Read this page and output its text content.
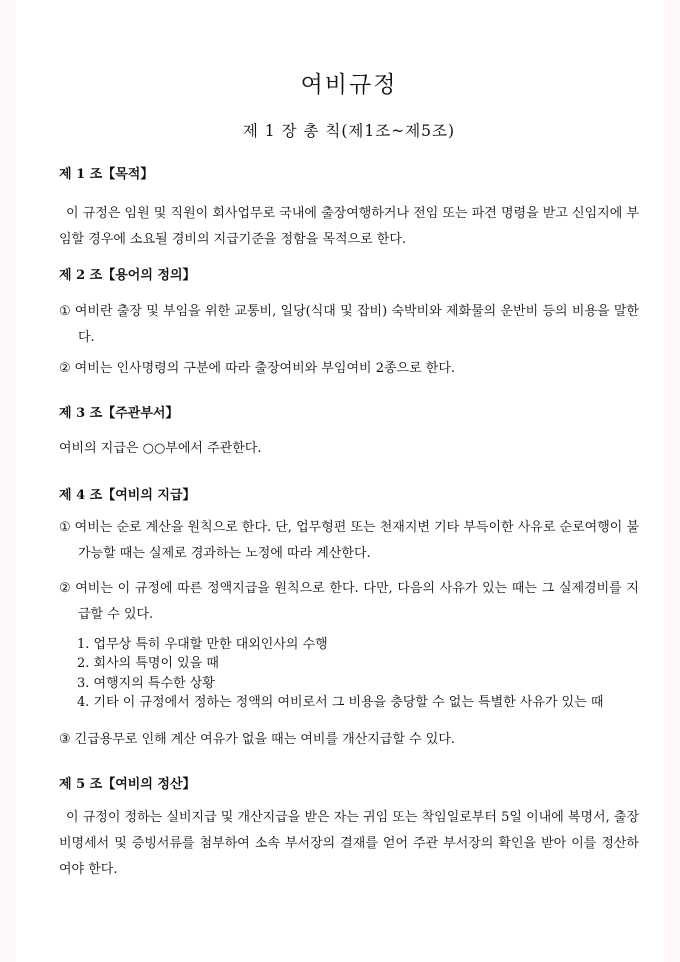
여비규정
제 1 장 총 칙(제1조~제5조)
제 1 조【목적】
이 규정은 임원 및 직원이 회사업무로 국내에 출장여행하거나 전임 또는 파견 명령을 받고 신임지에 부임할 경우에 소요될 경비의 지급기준을 정함을 목적으로 한다.
제 2 조【용어의 정의】
① 여비란 출장 및 부임을 위한 교통비, 일당(식대 및 잡비) 숙박비와 제화물의 운반비 등의 비용을 말한다.
② 여비는 인사명령의 구분에 따라 출장여비와 부임여비 2종으로 한다.
제 3 조【주관부서】
여비의 지급은 ○○부에서 주관한다.
제 4 조【여비의 지급】
① 여비는 순로 계산을 원칙으로 한다. 단, 업무형편 또는 천재지변 기타 부득이한 사유로 순로여행이 불가능할 때는 실제로 경과하는 노정에 따라 계산한다.
② 여비는 이 규정에 따른 정액지급을 원칙으로 한다. 다만, 다음의 사유가 있는 때는 그 실제경비를 지급할 수 있다.
1. 업무상 특히 우대할 만한 대외인사의 수행
2. 회사의 특명이 있을 때
3. 여행지의 특수한 상황
4. 기타 이 규정에서 정하는 정액의 여비로서 그 비용을 충당할 수 없는 특별한 사유가 있는 때
③ 긴급용무로 인해 계산 여유가 없을 때는 여비를 개산지급할 수 있다.
제 5 조【여비의 정산】
이 규정이 정하는 실비지급 및 개산지급을 받은 자는 귀임 또는 착임일로부터 5일 이내에 복명서, 출장비명세서 및 증빙서류를 첨부하여 소속 부서장의 결재를 얻어 주관 부서장의 확인을 받아 이를 정산하여야 한다.
